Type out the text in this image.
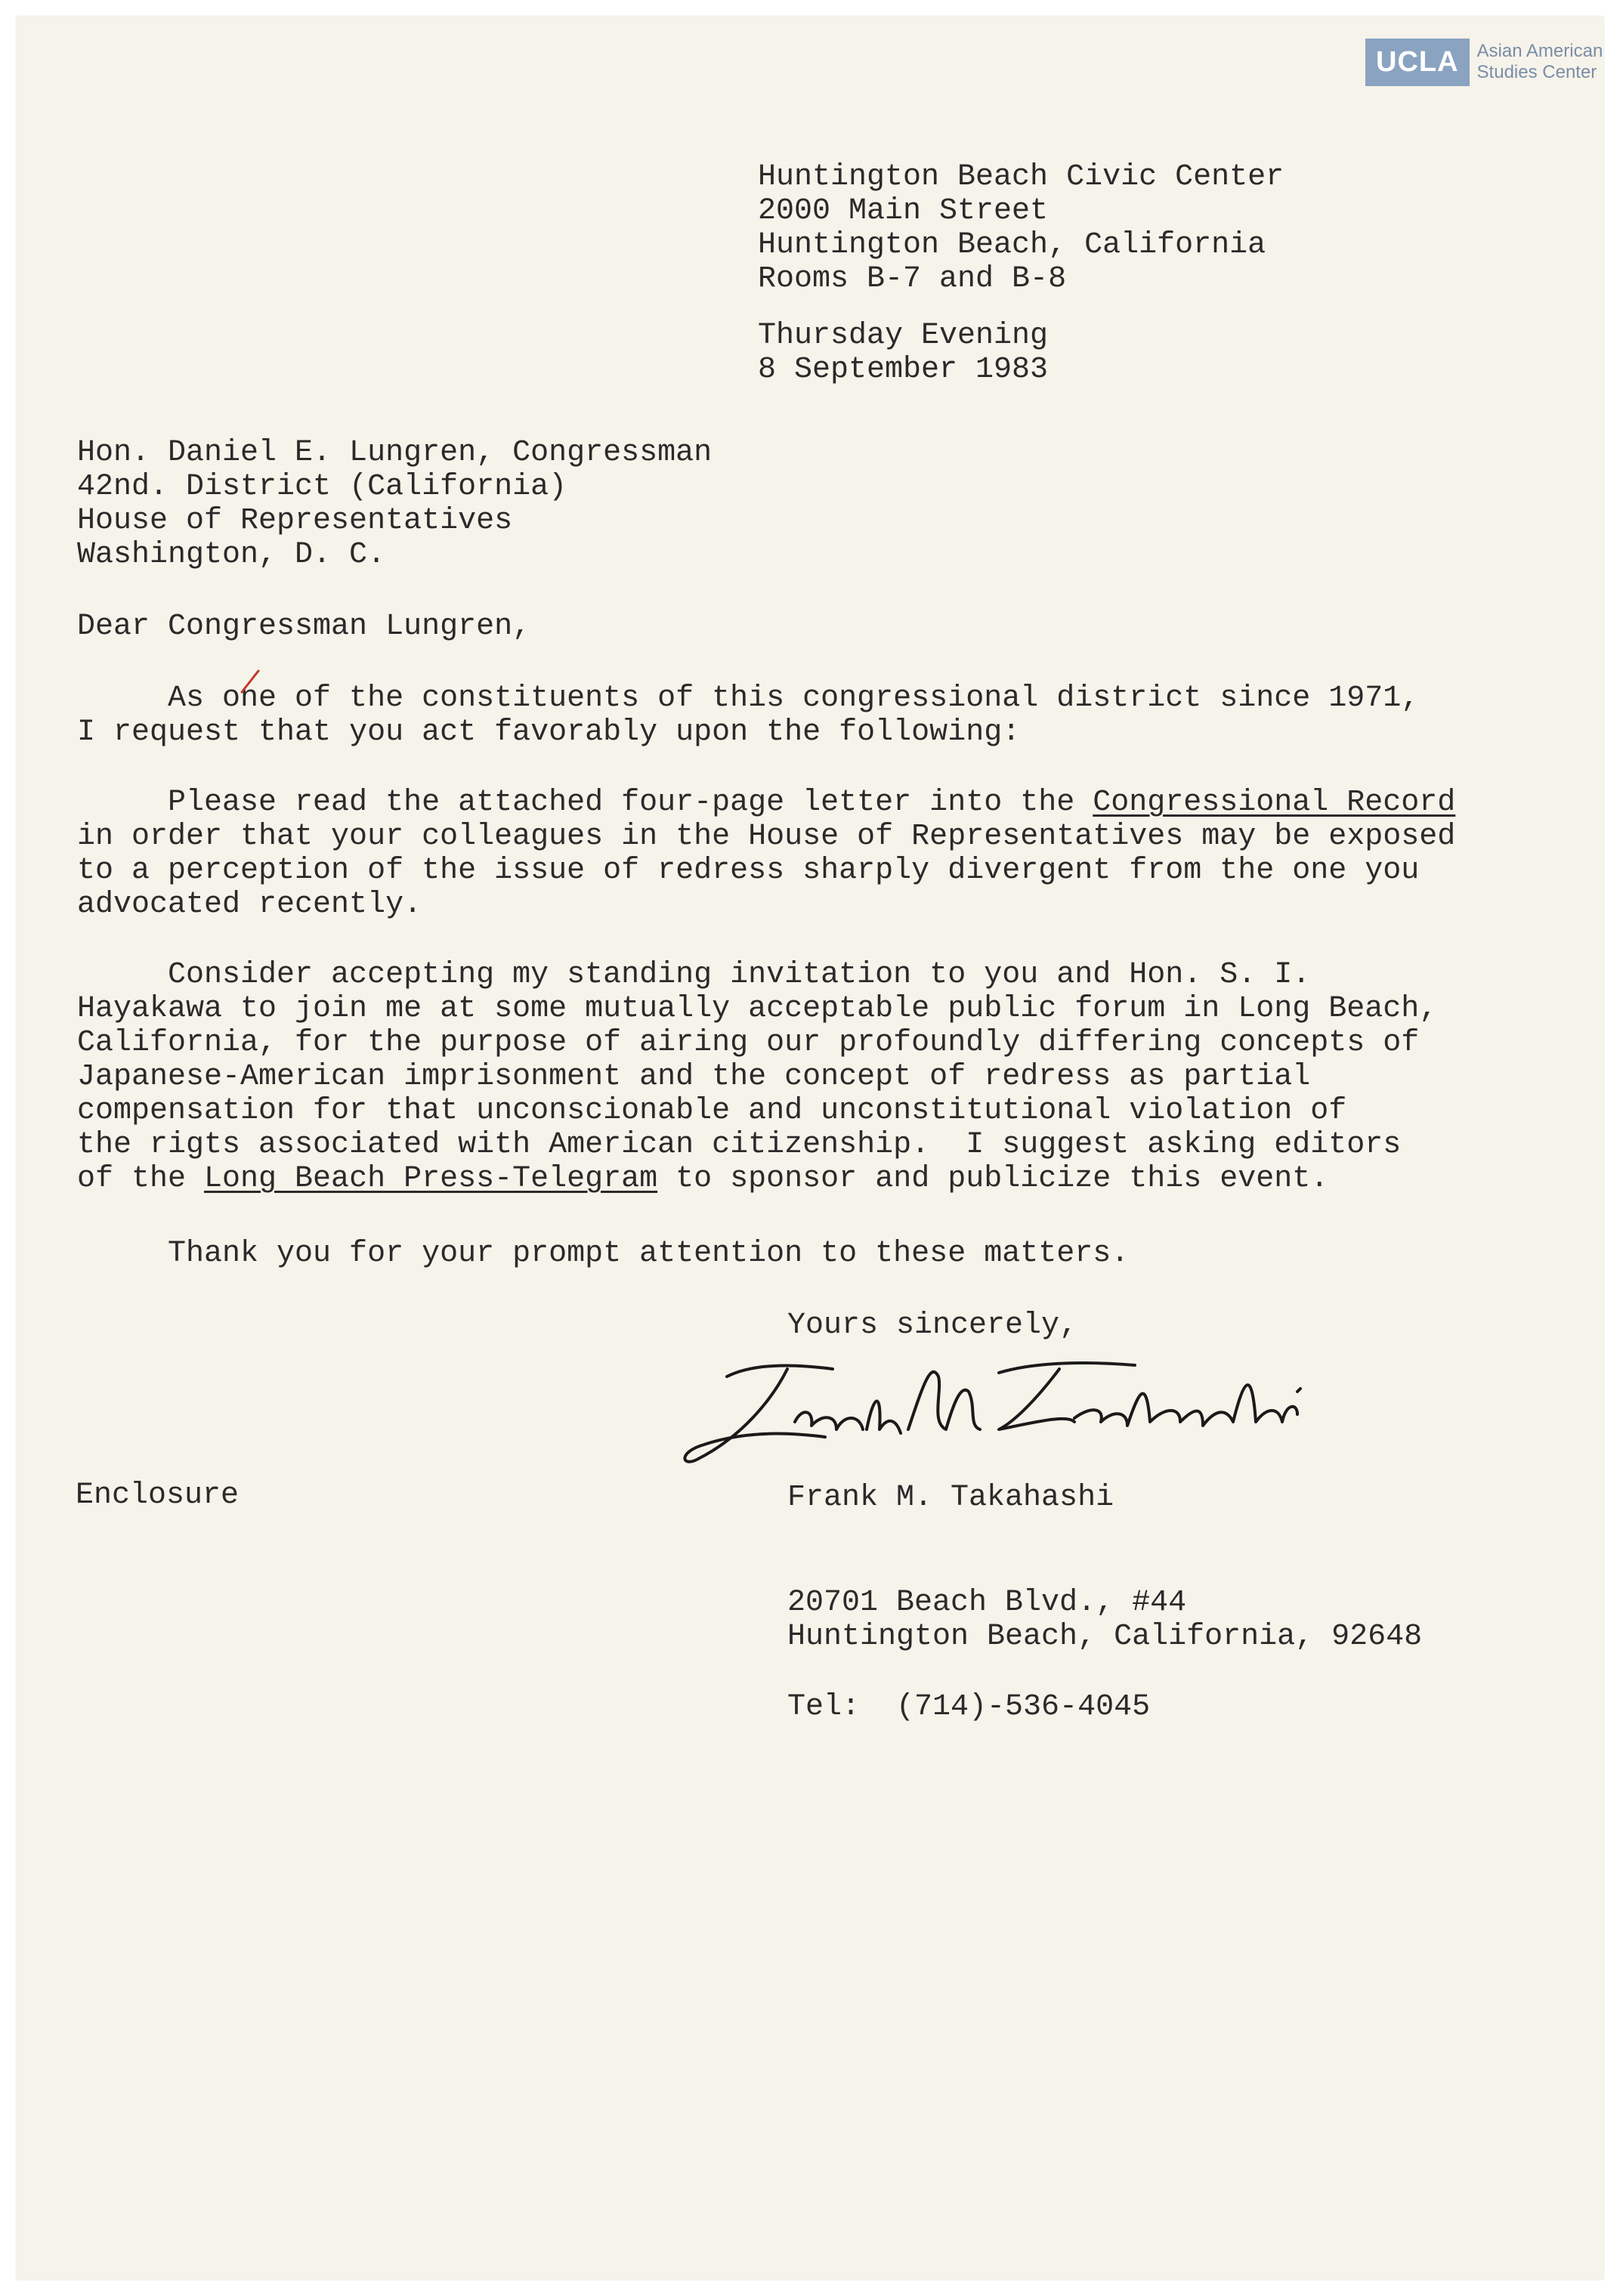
UCLA	Asian American
Studies Center
Huntington Beach Civic Center
2000 Main Street
Huntington Beach, California
Rooms B-7 and B-8
Thursday Evening
8 September 1983
Hon. Daniel E. Lungren, Congressman
42nd. District (California)
House of Representatives
Washington, D. C.
Dear Congressman Lungren,
As one of the constituents of this congressional district since 1971,
I request that you act favorably upon the following:
Please read the attached four-page letter into the Congressional Record
in order that your colleagues in the House of Representatives may be exposed
to a perception of the issue of redress sharply divergent from the one you
advocated recently.
Consider accepting my standing invitation to you and Hon. S. I.
Hayakawa to join me at some mutually acceptable public forum in Long Beach,
California, for the purpose of airing our profoundly differing concepts of
Japanese-American imprisonment and the concept of redress as partial
compensation for that unconscionable and unconstitutional violation of
the rigts associated with American citizenship.  I suggest asking editors
of the Long Beach Press-Telegram to sponsor and publicize this event.
Thank you for your prompt attention to these matters.
Yours sincerely,
Enclosure	Frank M. Takahashi
20701 Beach Blvd., #44
Huntington Beach, California, 92648
Tel:  (714)-536-4045
